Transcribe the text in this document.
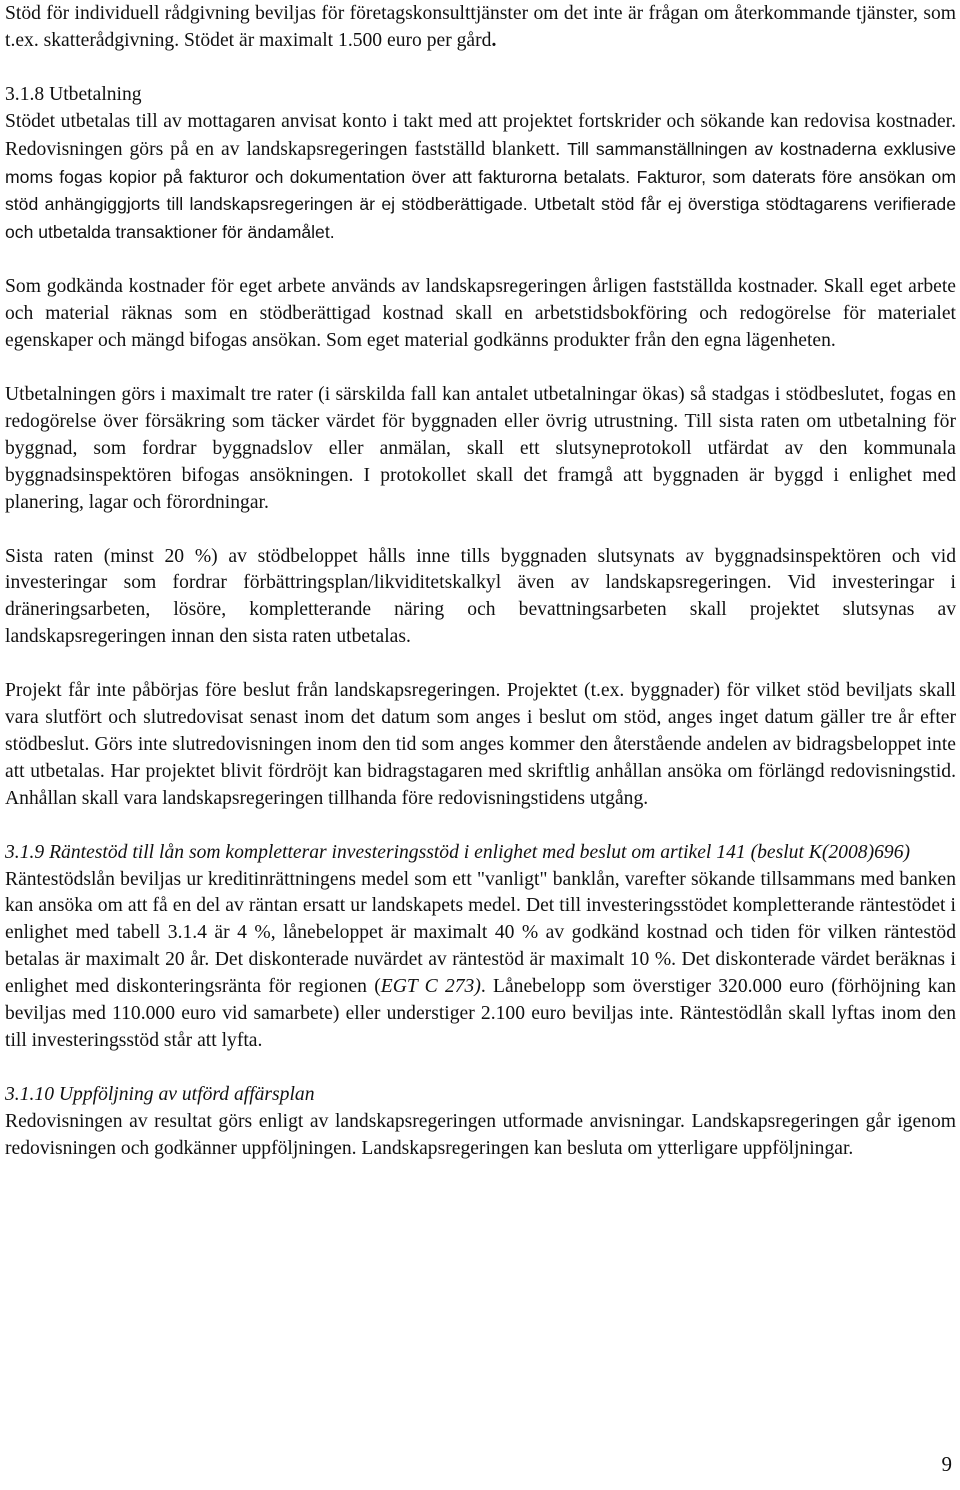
Stöd för individuell rådgivning beviljas för företagskonsulttjänster om det inte är frågan om återkommande tjänster, som t.ex. skatterådgivning. Stödet är maximalt 1.500 euro per gård.

3.1.8 Utbetalning

Stödet utbetalas till av mottagaren anvisat konto i takt med att projektet fortskrider och sökande kan redovisa kostnader. Redovisningen görs på en av landskapsregeringen fastställd blankett. Till sammanställningen av kostnaderna exklusive moms fogas kopior på fakturor och dokumentation över att fakturorna betalats. Fakturor, som daterats före ansökan om stöd anhängiggjorts till landskapsregeringen är ej stödberättigade. Utbetalt stöd får ej överstiga stödtagarens verifierade och utbetalda transaktioner för ändamålet.

Som godkända kostnader för eget arbete används av landskapsregeringen årligen fastställda kostnader. Skall eget arbete och material räknas som en stödberättigad kostnad skall en arbetstidsbokföring och redogörelse för materialet egenskaper och mängd bifogas ansökan. Som eget material godkänns produkter från den egna lägenheten.

Utbetalningen görs i maximalt tre rater (i särskilda fall kan antalet utbetalningar ökas) så stadgas i stödbeslutet, fogas en redogörelse över försäkring som täcker värdet för byggnaden eller övrig utrustning. Till sista raten om utbetalning för byggnad, som fordrar byggnadslov eller anmälan, skall ett slutsyneprotokoll utfärdat av den kommunala byggnadsinspektören bifogas ansökningen. I protokollet skall det framgå att byggnaden är byggd i enlighet med planering, lagar och förordningar.

Sista raten (minst 20 %) av stödbeloppet hålls inne tills byggnaden slutsynats av byggnadsinspektören och vid investeringar som fordrar förbättringsplan/likviditetskalkyl även av landskapsregeringen. Vid investeringar i dräneringsarbeten, lösöre, kompletterande näring och bevattningsarbeten skall projektet slutsynas av landskapsregeringen innan den sista raten utbetalas.

Projekt får inte påbörjas före beslut från landskapsregeringen. Projektet (t.ex. byggnader) för vilket stöd beviljats skall vara slutfört och slutredovisat senast inom det datum som anges i beslut om stöd, anges inget datum gäller tre år efter stödbeslut. Görs inte slutredovisningen inom den tid som anges kommer den återstående andelen av bidragsbeloppet inte att utbetalas. Har projektet blivit fördröjt kan bidragstagaren med skriftlig anhållan ansöka om förlängd redovisningstid. Anhållan skall vara landskapsregeringen tillhanda före redovisningstidens utgång.

3.1.9 Räntestöd till lån som kompletterar investeringsstöd i enlighet med beslut om artikel 141 (beslut K(2008)696)

Räntestödslån beviljas ur kreditinrättningens medel som ett "vanligt" banklån, varefter sökande tillsammans med banken kan ansöka om att få en del av räntan ersatt ur landskapets medel. Det till investeringsstödet kompletterande räntestödet i enlighet med tabell 3.1.4 är 4 %, lånebeloppet är maximalt 40 % av godkänd kostnad och tiden för vilken räntestöd betalas är maximalt 20 år. Det diskonterade nuvärdet av räntestöd är maximalt 10 %. Det diskonterade värdet beräknas i enlighet med diskonteringsränta för regionen (EGT C 273). Lånebelopp som överstiger 320.000 euro (förhöjning kan beviljas med 110.000 euro vid samarbete) eller understiger 2.100 euro beviljas inte. Räntestödlån skall lyftas inom den till investeringsstöd står att lyfta.

3.1.10 Uppföljning av utförd affärsplan

Redovisningen av resultat görs enligt av landskapsregeringen utformade anvisningar. Landskapsregeringen går igenom redovisningen och godkänner uppföljningen. Landskapsregeringen kan besluta om ytterligare uppföljningar.

9
